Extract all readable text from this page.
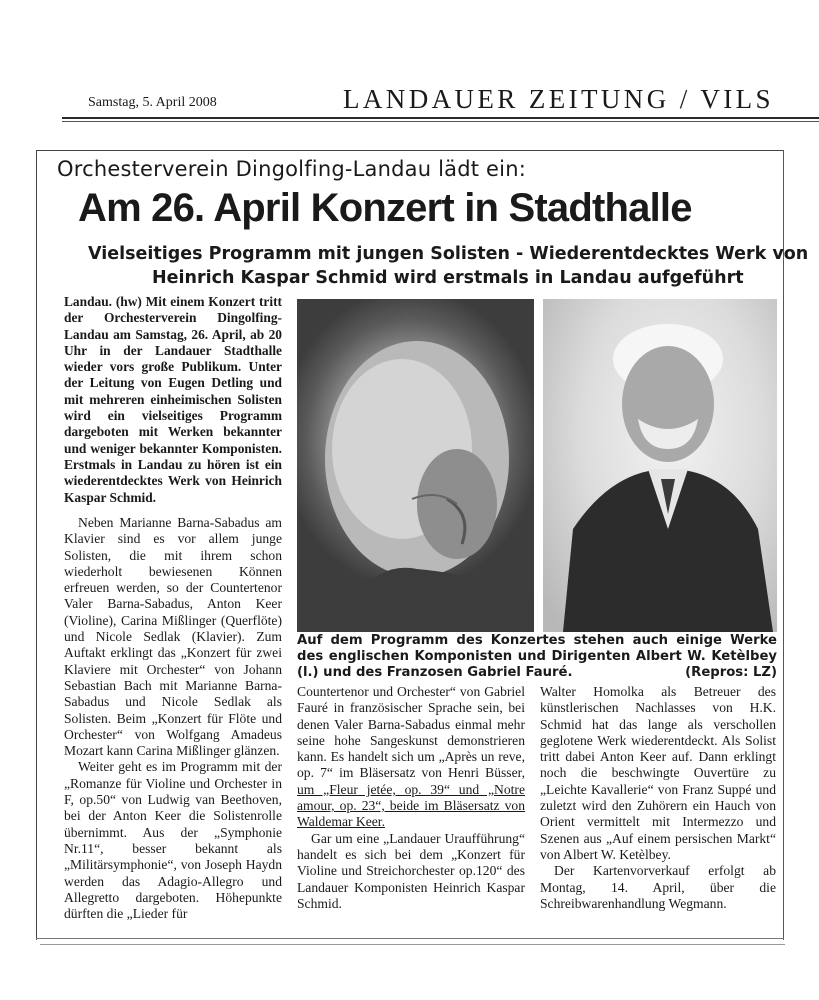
Samstag, 5. April 2008	LANDAUER ZEITUNG / VILS
Orchesterverein Dingolfing-Landau lädt ein:
Am 26. April Konzert in Stadthalle
Vielseitiges Programm mit jungen Solisten - Wiederentdecktes Werk von
Heinrich Kaspar Schmid wird erstmals in Landau aufgeführt

Landau. (hw) Mit einem Konzert tritt der Orchesterverein Dingolfing-Landau am Samstag, 26. April, ab 20 Uhr in der Landauer Stadthalle wieder vors große Publikum. Unter der Leitung von Eugen Detling und mit mehreren einheimischen Solisten wird ein vielseitiges Programm dargeboten mit Werken bekannter und weniger bekannter Komponisten. Erstmals in Landau zu hören ist ein wiederentdecktes Werk von Heinrich Kaspar Schmid.

Neben Marianne Barna-Sabadus am Klavier sind es vor allem junge Solisten, die mit ihrem schon wiederholt bewiesenen Können erfreuen werden, so der Countertenor Valer Barna-Sabadus, Anton Keer (Violine), Carina Mißlinger (Querflöte) und Nicole Sedlak (Klavier). Zum Auftakt erklingt das „Konzert für zwei Klaviere mit Orchester“ von Johann Sebastian Bach mit Marianne Barna-Sabadus und Nicole Sedlak als Solisten. Beim „Konzert für Flöte und Orchester“ von Wolfgang Amadeus Mozart kann Carina Mißlinger glänzen.

Weiter geht es im Programm mit der „Romanze für Violine und Orchester in F, op.50“ von Ludwig van Beethoven, bei der Anton Keer die Solistenrolle übernimmt. Aus der „Symphonie Nr.11“, besser bekannt als „Militärsymphonie“, von Joseph Haydn werden das Adagio-Allegro und Allegretto dargeboten. Höhepunkte dürften die „Lieder für

Auf dem Programm des Konzertes stehen auch einige Werke des englischen Komponisten und Dirigenten Albert W. Ketèlbey (l.) und des Franzosen Gabriel Fauré.	(Repros: LZ)

Countertenor und Orchester“ von Gabriel Fauré in französischer Sprache sein, bei denen Valer Barna-Sabadus einmal mehr seine hohe Sangeskunst demonstrieren kann. Es handelt sich um „Après un reve, op. 7“ im Bläsersatz von Henri Büsser, um „Fleur jetée, op. 39“ und „Notre amour, op. 23“, beide im Bläsersatz von Waldemar Keer.

Gar um eine „Landauer Uraufführung“ handelt es sich bei dem „Konzert für Violine und Streichorchester op.120“ des Landauer Komponisten Heinrich Kaspar Schmid.

Walter Homolka als Betreuer des künstlerischen Nachlasses von H.K. Schmid hat das lange als verschollen geglotene Werk wiederentdeckt. Als Solist tritt dabei Anton Keer auf. Dann erklingt noch die beschwingte Ouvertüre zu „Leichte Kavallerie“ von Franz Suppé und zuletzt wird den Zuhörern ein Hauch von Orient vermittelt mit Intermezzo und Szenen aus „Auf einem persischen Markt“ von Albert W. Ketèlbey.

Der Kartenvorverkauf erfolgt ab Montag, 14. April, über die Schreibwarenhandlung Wegmann.
